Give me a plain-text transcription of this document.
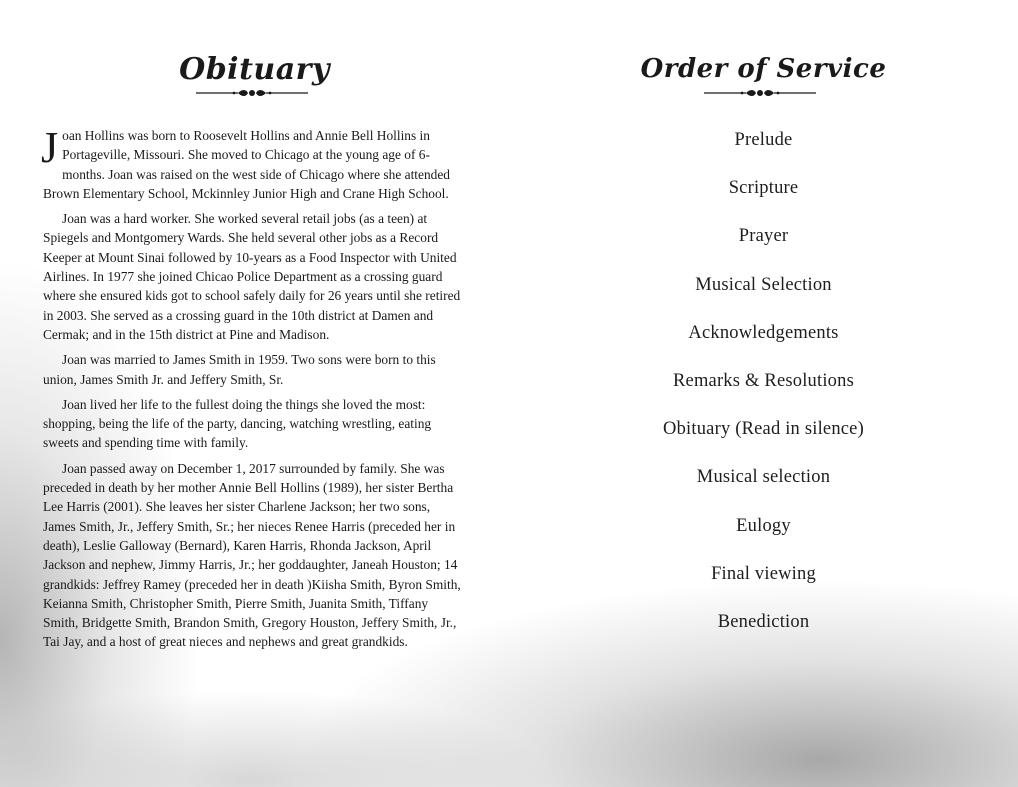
Obituary

Joan Hollins was born to Roosevelt Hollins and Annie Bell Hollins in Portageville, Missouri. She moved to Chicago at the young age of 6-months. Joan was raised on the west side of Chicago where she attended Brown Elementary School, Mckinnley Junior High and Crane High School.

Joan was a hard worker. She worked several retail jobs (as a teen) at Spiegels and Montgomery Wards. She held several other jobs as a Record Keeper at Mount Sinai followed by 10-years as a Food Inspector with United Airlines. In 1977 she joined Chicao Police Department as a crossing guard where she ensured kids got to school safely daily for 26 years until she retired in 2003. She served as a crossing guard in the 10th district at Damen and Cermak; and in the 15th district at Pine and Madison.

Joan was married to James Smith in 1959. Two sons were born to this union, James Smith Jr. and Jeffery Smith, Sr.

Joan lived her life to the fullest doing the things she loved the most: shopping, being the life of the party, dancing, watching wrestling, eating sweets and spending time with family.

Joan passed away on December 1, 2017 surrounded by family. She was preceded in death by her mother Annie Bell Hollins (1989), her sister Bertha Lee Harris (2001). She leaves her sister Charlene Jackson; her two sons, James Smith, Jr., Jeffery Smith, Sr.; her nieces Renee Harris (preceded her in death), Leslie Galloway (Bernard), Karen Harris, Rhonda Jackson, April Jackson and nephew, Jimmy Harris, Jr.; her goddaughter, Janeah Houston; 14 grandkids: Jeffrey Ramey (preceded her in death )Kiisha Smith, Byron Smith, Keianna Smith, Christopher Smith, Pierre Smith, Juanita Smith, Tiffany Smith, Bridgette Smith, Brandon Smith, Gregory Houston, Jeffery Smith, Jr., Tai Jay, and a host of great nieces and nephews and great grandkids.

Order of Service
Prelude
Scripture
Prayer
Musical Selection
Acknowledgements
Remarks & Resolutions
Obituary (Read in silence)
Musical selection
Eulogy
Final viewing
Benediction
